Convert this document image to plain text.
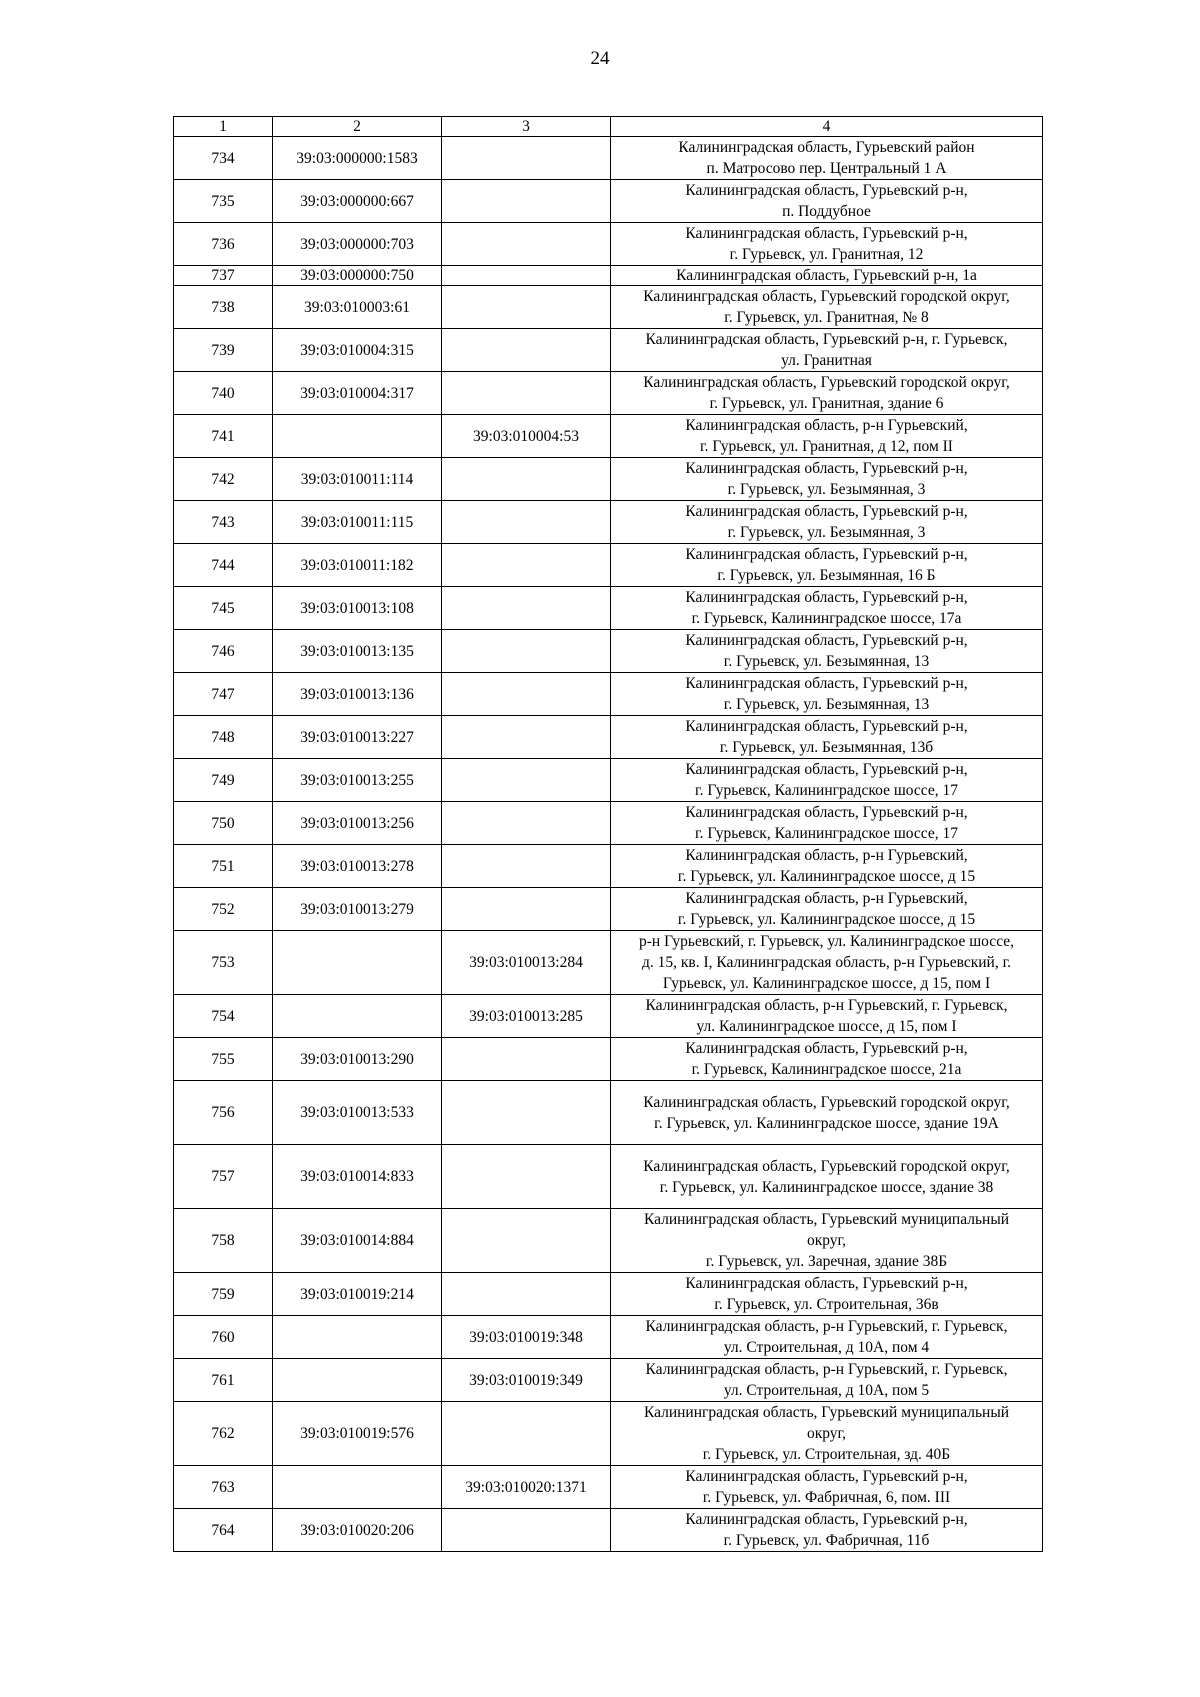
24
1	2	3	4
734	39:03:000000:1583		Калининградская область, Гурьевский район
п. Матросово пер. Центральный 1 А
735	39:03:000000:667		Калининградская область, Гурьевский р-н,
п. Поддубное
736	39:03:000000:703		Калининградская область, Гурьевский р-н,
г. Гурьевск, ул. Гранитная, 12
737	39:03:000000:750		Калининградская область, Гурьевский р-н, 1а
738	39:03:010003:61		Калининградская область, Гурьевский городской округ,
г. Гурьевск, ул. Гранитная, № 8
739	39:03:010004:315		Калининградская область, Гурьевский р-н, г. Гурьевск,
ул. Гранитная
740	39:03:010004:317		Калининградская область, Гурьевский городской округ,
г. Гурьевск, ул. Гранитная, здание 6
741		39:03:010004:53	Калининградская область, р-н Гурьевский,
г. Гурьевск, ул. Гранитная, д 12, пом II
742	39:03:010011:114		Калининградская область, Гурьевский р-н,
г. Гурьевск, ул. Безымянная, 3
743	39:03:010011:115		Калининградская область, Гурьевский р-н,
г. Гурьевск, ул. Безымянная, 3
744	39:03:010011:182		Калининградская область, Гурьевский р-н,
г. Гурьевск, ул. Безымянная, 16 Б
745	39:03:010013:108		Калининградская область, Гурьевский р-н,
г. Гурьевск, Калининградское шоссе, 17а
746	39:03:010013:135		Калининградская область, Гурьевский р-н,
г. Гурьевск, ул. Безымянная, 13
747	39:03:010013:136		Калининградская область, Гурьевский р-н,
г. Гурьевск, ул. Безымянная, 13
748	39:03:010013:227		Калининградская область, Гурьевский р-н,
г. Гурьевск, ул. Безымянная, 13б
749	39:03:010013:255		Калининградская область, Гурьевский р-н,
г. Гурьевск, Калининградское шоссе, 17
750	39:03:010013:256		Калининградская область, Гурьевский р-н,
г. Гурьевск, Калининградское шоссе, 17
751	39:03:010013:278		Калининградская область, р-н Гурьевский,
г. Гурьевск, ул. Калининградское шоссе, д 15
752	39:03:010013:279		Калининградская область, р-н Гурьевский,
г. Гурьевск, ул. Калининградское шоссе, д 15
753		39:03:010013:284	р-н Гурьевский, г. Гурьевск, ул. Калининградское шоссе,
д. 15, кв. I, Калининградская область, р-н Гурьевский, г.
Гурьевск, ул. Калининградское шоссе, д 15, пом I
754		39:03:010013:285	Калининградская область, р-н Гурьевский, г. Гурьевск,
ул. Калининградское шоссе, д 15, пом I
755	39:03:010013:290		Калининградская область, Гурьевский р-н,
г. Гурьевск, Калининградское шоссе, 21а
756	39:03:010013:533		Калининградская область, Гурьевский городской округ,
г. Гурьевск, ул. Калининградское шоссе, здание 19А
757	39:03:010014:833		Калининградская область, Гурьевский городской округ,
г. Гурьевск, ул. Калининградское шоссе, здание 38
758	39:03:010014:884		Калининградская область, Гурьевский муниципальный
округ,
г. Гурьевск, ул. Заречная, здание 38Б
759	39:03:010019:214		Калининградская область, Гурьевский р-н,
г. Гурьевск, ул. Строительная, 36в
760		39:03:010019:348	Калининградская область, р-н Гурьевский, г. Гурьевск,
ул. Строительная, д 10А, пом 4
761		39:03:010019:349	Калининградская область, р-н Гурьевский, г. Гурьевск,
ул. Строительная, д 10А, пом 5
762	39:03:010019:576		Калининградская область, Гурьевский муниципальный
округ,
г. Гурьевск, ул. Строительная, зд. 40Б
763		39:03:010020:1371	Калининградская область, Гурьевский р-н,
г. Гурьевск, ул. Фабричная, 6, пом. III
764	39:03:010020:206		Калининградская область, Гурьевский р-н,
г. Гурьевск, ул. Фабричная, 11б
